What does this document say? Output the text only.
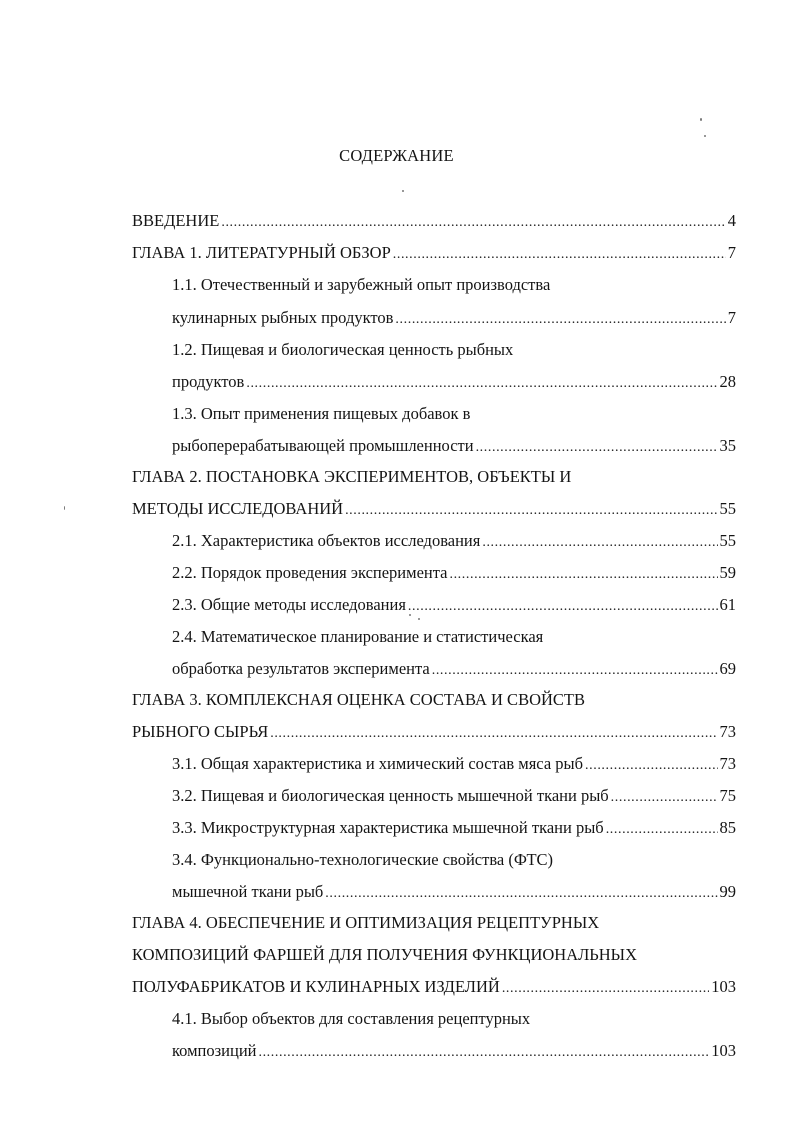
СОДЕРЖАНИЕ
ВВЕДЕНИЕ .....	4
ГЛАВА 1. ЛИТЕРАТУРНЫЙ ОБЗОР .....	7
1.1. Отечественный и зарубежный опыт производства
кулинарных рыбных продуктов .....	7
1.2. Пищевая и биологическая ценность рыбных
продуктов .....	28
1.3. Опыт применения пищевых добавок в
рыбоперерабатывающей промышленности .....	35
ГЛАВА 2. ПОСТАНОВКА ЭКСПЕРИМЕНТОВ, ОБЪЕКТЫ И
МЕТОДЫ ИССЛЕДОВАНИЙ .....	55
2.1. Характеристика объектов исследования .....	55
2.2. Порядок проведения эксперимента .....	59
2.3. Общие методы исследования .....	61
2.4. Математическое планирование и статистическая
обработка результатов эксперимента .....	69
ГЛАВА 3. КОМПЛЕКСНАЯ ОЦЕНКА СОСТАВА И СВОЙСТВ
РЫБНОГО СЫРЬЯ .....	73
3.1. Общая характеристика и химический состав мяса рыб .....	73
3.2. Пищевая и биологическая ценность мышечной ткани рыб .....	75
3.3. Микроструктурная характеристика мышечной ткани рыб .....	85
3.4. Функционально-технологические свойства (ФТС)
мышечной ткани рыб .....	99
ГЛАВА 4. ОБЕСПЕЧЕНИЕ И ОПТИМИЗАЦИЯ РЕЦЕПТУРНЫХ
КОМПОЗИЦИЙ ФАРШЕЙ ДЛЯ ПОЛУЧЕНИЯ ФУНКЦИОНАЛЬНЫХ
ПОЛУФАБРИКАТОВ И КУЛИНАРНЫХ ИЗДЕЛИЙ .....	103
4.1. Выбор объектов для составления рецептурных
композиций .....	103
